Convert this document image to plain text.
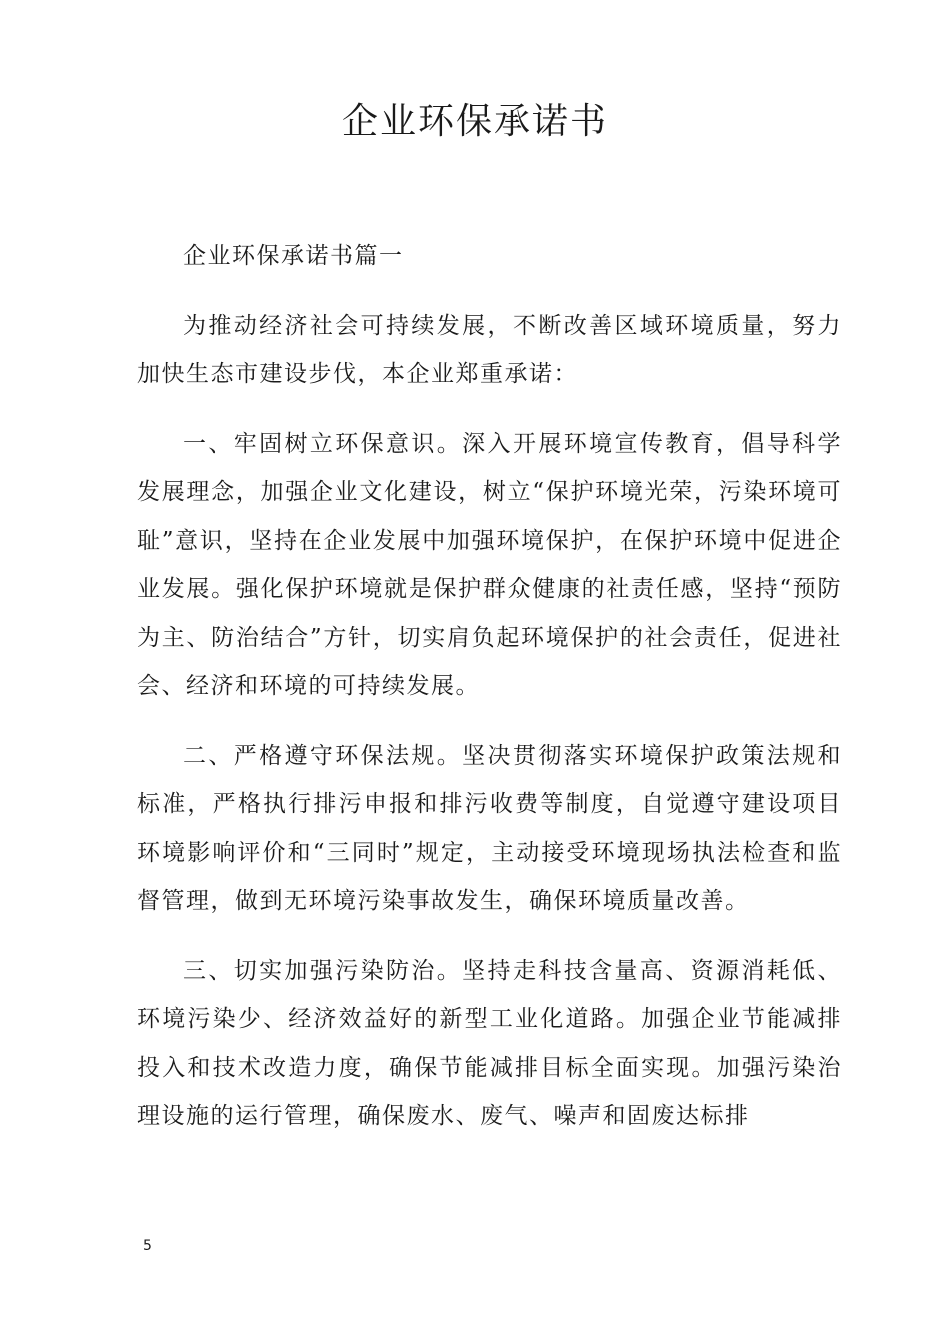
企业环保承诺书

企业环保承诺书篇一

为推动经济社会可持续发展，不断改善区域环境质量，努力加快生态市建设步伐，本企业郑重承诺：

一、牢固树立环保意识。深入开展环境宣传教育，倡导科学发展理念，加强企业文化建设，树立“保护环境光荣，污染环境可耻”意识，坚持在企业发展中加强环境保护，在保护环境中促进企业发展。强化保护环境就是保护群众健康的社责任感，坚持“预防为主、防治结合”方针，切实肩负起环境保护的社会责任，促进社会、经济和环境的可持续发展。

二、严格遵守环保法规。坚决贯彻落实环境保护政策法规和标准，严格执行排污申报和排污收费等制度，自觉遵守建设项目环境影响评价和“三同时”规定，主动接受环境现场执法检查和监督管理，做到无环境污染事故发生，确保环境质量改善。

三、切实加强污染防治。坚持走科技含量高、资源消耗低、环境污染少、经济效益好的新型工业化道路。加强企业节能减排投入和技术改造力度，确保节能减排目标全面实现。加强污染治理设施的运行管理，确保废水、废气、噪声和固废达标排

5
